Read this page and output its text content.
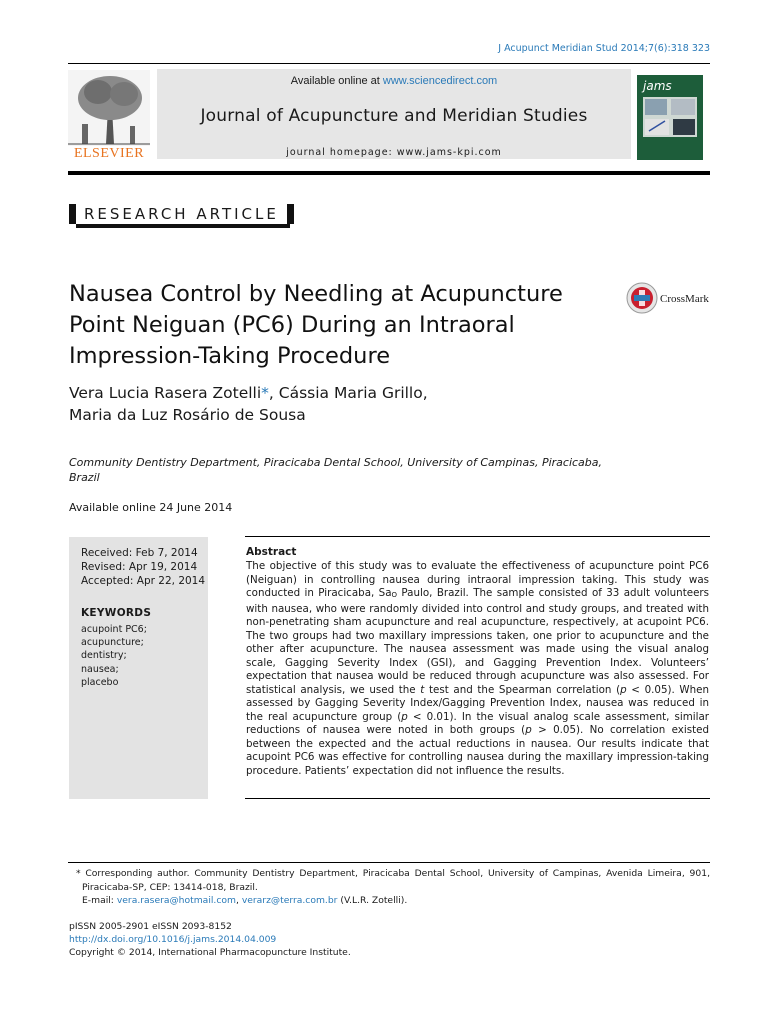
J Acupunct Meridian Stud 2014;7(6):318 323
ELSEVIER
Available online at www.sciencedirect.com
Journal of Acupuncture and Meridian Studies
journal homepage: www.jams-kpi.com
jams
RESEARCH ARTICLE
Nausea Control by Needling at Acupuncture
Point Neiguan (PC6) During an Intraoral
Impression-Taking Procedure
CrossMark
Vera Lucia Rasera Zotelli*, Cássia Maria Grillo,
Maria da Luz Rosário de Sousa
Community Dentistry Department, Piracicaba Dental School, University of Campinas, Piracicaba, Brazil
Available online 24 June 2014
Received: Feb 7, 2014
Revised: Apr 19, 2014
Accepted: Apr 22, 2014
KEYWORDS
acupoint PC6;
acupuncture;
dentistry;
nausea;
placebo
Abstract
The objective of this study was to evaluate the effectiveness of acupuncture point PC6 (Neiguan) in controlling nausea during intraoral impression taking. This study was conducted in Piracicaba, SaO Paulo, Brazil. The sample consisted of 33 adult volunteers with nausea, who were randomly divided into control and study groups, and treated with non-penetrating sham acupuncture and real acupuncture, respectively, at acupoint PC6. The two groups had two maxillary impressions taken, one prior to acupuncture and the other after acupuncture. The nausea assessment was made using the visual analog scale, Gagging Severity Index (GSI), and Gagging Prevention Index. Volunteers’ expectation that nausea would be reduced through acupuncture was also assessed. For statistical analysis, we used the t test and the Spearman correlation (p < 0.05). When assessed by Gagging Severity Index/Gagging Prevention Index, nausea was reduced in the real acupuncture group (p < 0.01). In the visual analog scale assessment, similar reductions of nausea were noted in both groups (p > 0.05). No correlation existed between the expected and the actual reductions in nausea. Our results indicate that acupoint PC6 was effective for controlling nausea during the maxillary impression-taking procedure. Patients’ expectation did not influence the results.
* Corresponding author. Community Dentistry Department, Piracicaba Dental School, University of Campinas, Avenida Limeira, 901, Piracicaba-SP, CEP: 13414-018, Brazil.
E-mail: vera.rasera@hotmail.com, verarz@terra.com.br (V.L.R. Zotelli).
pISSN 2005-2901 eISSN 2093-8152
http://dx.doi.org/10.1016/j.jams.2014.04.009
Copyright © 2014, International Pharmacopuncture Institute.
